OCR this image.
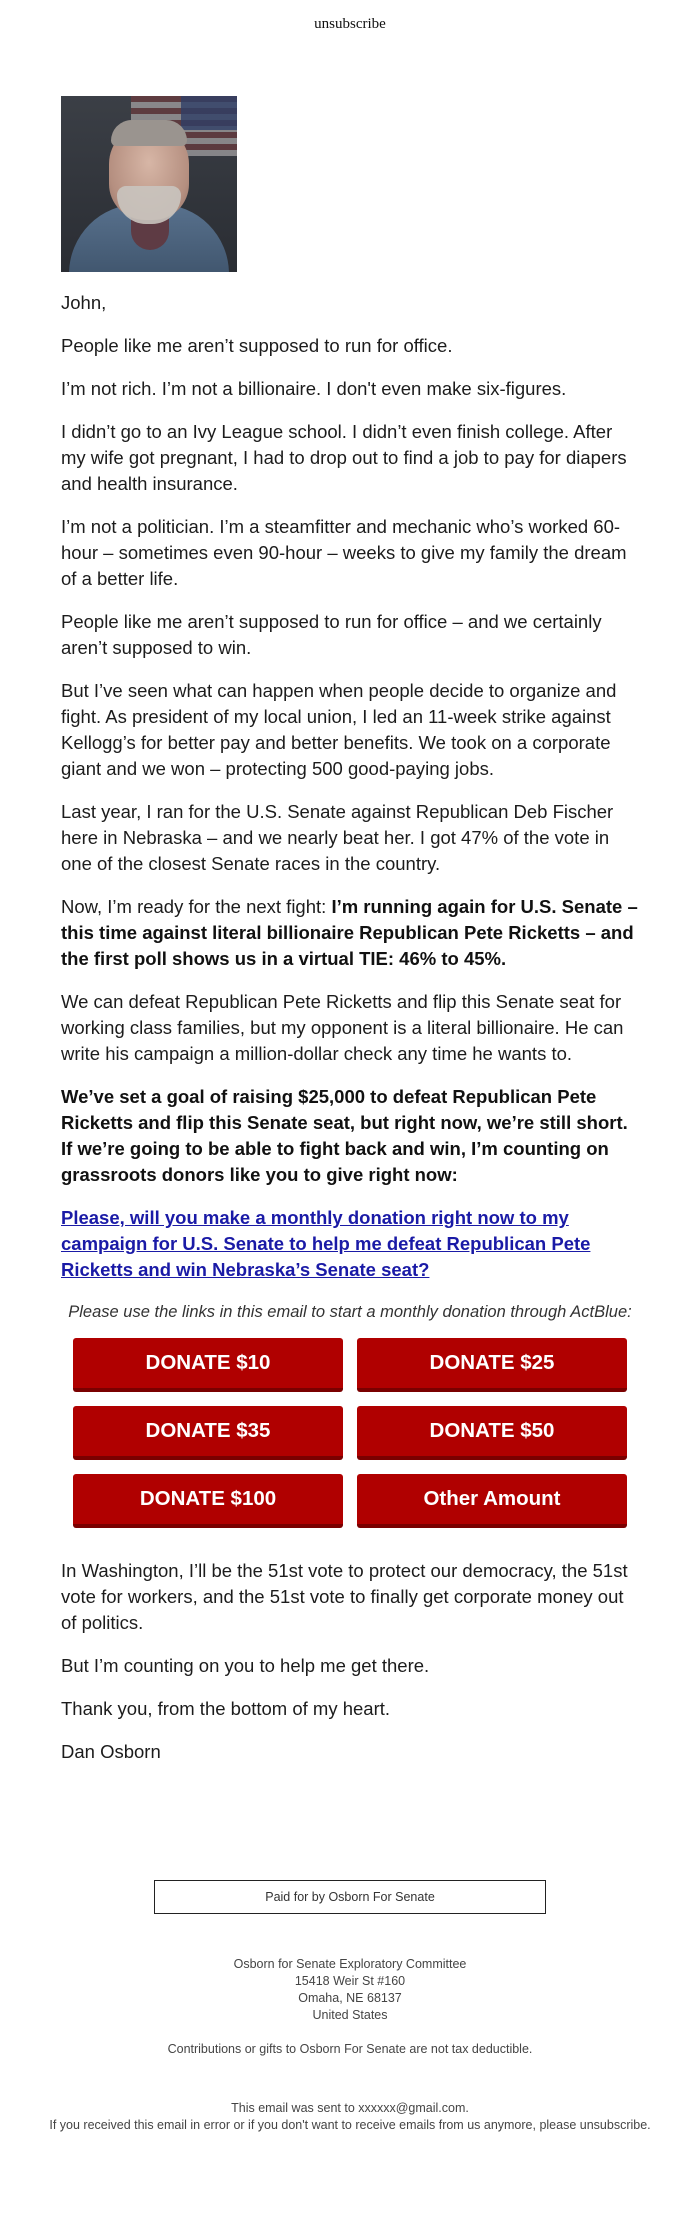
unsubscribe

John,

People like me aren’t supposed to run for office.

I’m not rich. I’m not a billionaire. I don't even make six-figures.

I didn’t go to an Ivy League school. I didn’t even finish college. After my wife got pregnant, I had to drop out to find a job to pay for diapers and health insurance.

I’m not a politician. I’m a steamfitter and mechanic who’s worked 60-hour – sometimes even 90-hour – weeks to give my family the dream of a better life.

People like me aren’t supposed to run for office – and we certainly aren’t supposed to win.

But I’ve seen what can happen when people decide to organize and fight. As president of my local union, I led an 11-week strike against Kellogg’s for better pay and better benefits. We took on a corporate giant and we won – protecting 500 good-paying jobs.

Last year, I ran for the U.S. Senate against Republican Deb Fischer here in Nebraska – and we nearly beat her. I got 47% of the vote in one of the closest Senate races in the country.

Now, I’m ready for the next fight: I’m running again for U.S. Senate – this time against literal billionaire Republican Pete Ricketts – and the first poll shows us in a virtual TIE: 46% to 45%.

We can defeat Republican Pete Ricketts and flip this Senate seat for working class families, but my opponent is a literal billionaire. He can write his campaign a million-dollar check any time he wants to.

We’ve set a goal of raising $25,000 to defeat Republican Pete Ricketts and flip this Senate seat, but right now, we’re still short. If we’re going to be able to fight back and win, I’m counting on grassroots donors like you to give right now:

Please, will you make a monthly donation right now to my campaign for U.S. Senate to help me defeat Republican Pete Ricketts and win Nebraska’s Senate seat?

Please use the links in this email to start a monthly donation through ActBlue:

DONATE $10	DONATE $25
DONATE $35	DONATE $50
DONATE $100	Other Amount

In Washington, I’ll be the 51st vote to protect our democracy, the 51st vote for workers, and the 51st vote to finally get corporate money out of politics.

But I’m counting on you to help me get there.

Thank you, from the bottom of my heart.

Dan Osborn

Paid for by Osborn For Senate
Osborn for Senate Exploratory Committee
15418 Weir St #160
Omaha, NE 68137
United States
Contributions or gifts to Osborn For Senate are not tax deductible.
This email was sent to xxxxxx@gmail.com.
If you received this email in error or if you don't want to receive emails from us anymore, please unsubscribe.
